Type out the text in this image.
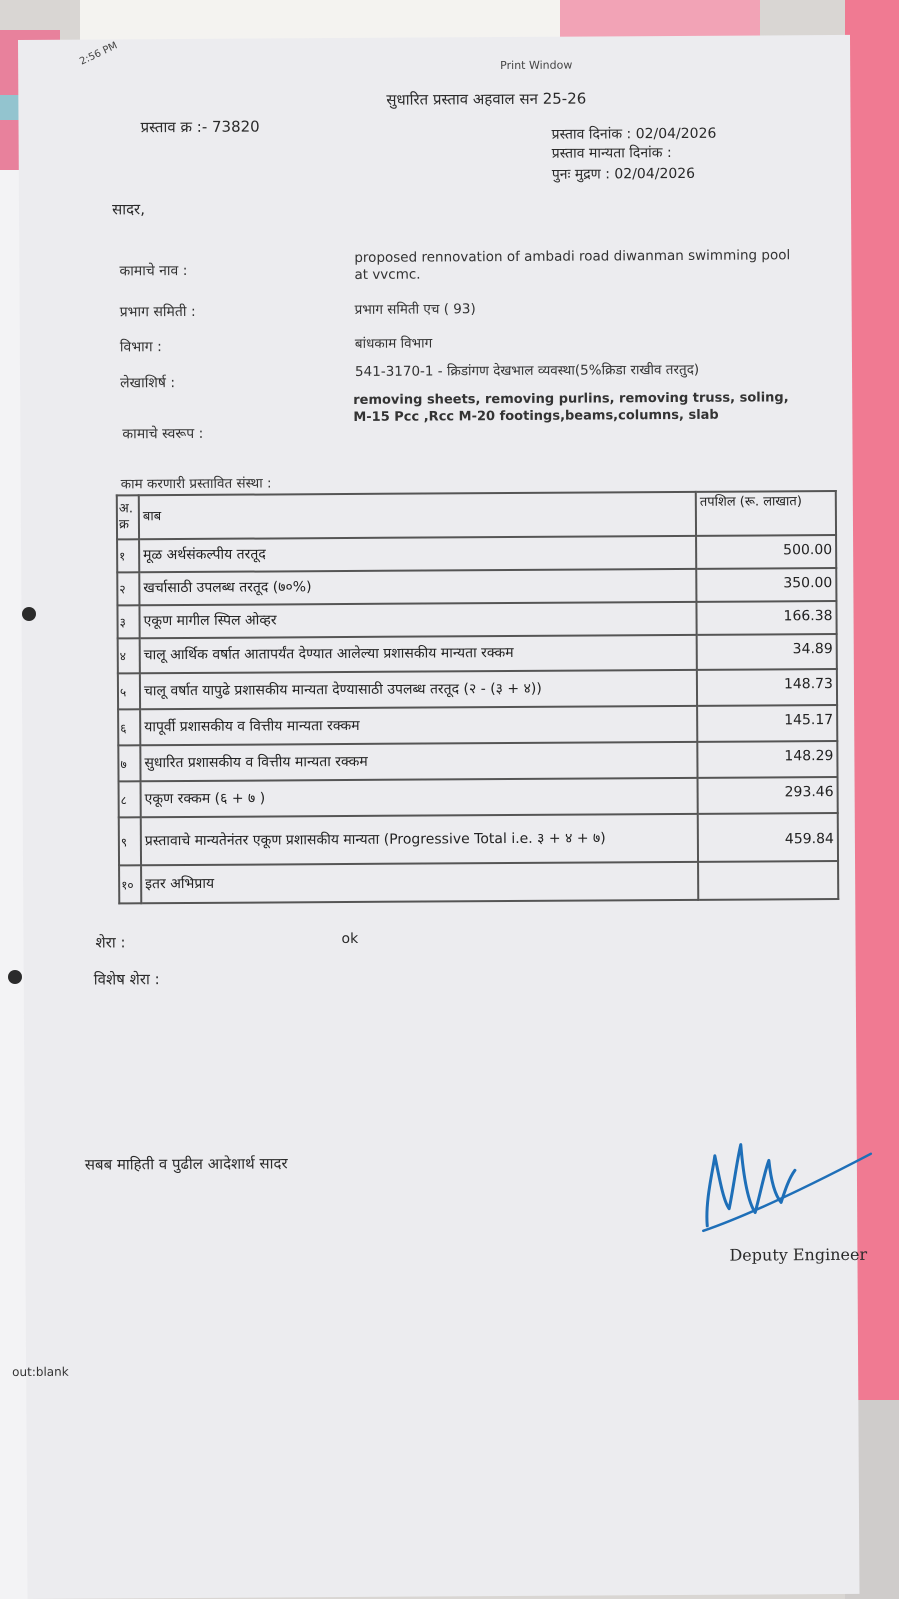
2:56 PM	Print Window
सुधारित प्रस्ताव अहवाल सन 25-26
प्रस्ताव क्र :- 73820	प्रस्ताव दिनांक : 02/04/2026
प्रस्ताव मान्यता दिनांक :
पुनः मुद्रण : 02/04/2026
सादर,
कामाचे नाव :
proposed rennovation of ambadi road diwanman swimming pool at vvcmc.
प्रभाग समिती :	प्रभाग समिती एच ( 93)
विभाग :	बांधकाम विभाग
लेखाशिर्ष :
541-3170-1 - क्रिडांगण देखभाल व्यवस्था(5%क्रिडा राखीव तरतुद)
कामाचे स्वरूप :
removing sheets, removing purlins, removing truss, soling, M-15 Pcc ,Rcc M-20 footings,beams,columns, slab
काम करणारी प्रस्तावित संस्था :
अ. क्र	बाब	तपशिल (रू. लाखात)
१	मूळ अर्थसंकल्पीय तरतूद	500.00
२	खर्चासाठी उपलब्ध तरतूद (७०%)	350.00
३	एकूण मागील स्पिल ओव्हर	166.38
४	चालू आर्थिक वर्षात आतापर्यंत देण्यात आलेल्या प्रशासकीय मान्यता रक्कम	34.89
५	चालू वर्षात यापुढे प्रशासकीय मान्यता देण्यासाठी उपलब्ध तरतूद (२ - (३ + ४))	148.73
६	यापूर्वी प्रशासकीय व वित्तीय मान्यता रक्कम	145.17
७	सुधारित प्रशासकीय व वित्तीय मान्यता रक्कम	148.29
८	एकूण रक्कम (६ + ७ )	293.46
९	प्रस्तावाचे मान्यतेनंतर एकूण प्रशासकीय मान्यता (Progressive Total i.e. ३ + ४ + ७)	459.84
१०	इतर अभिप्राय	
शेरा :	ok
विशेष शेरा :
सबब माहिती व पुढील आदेशार्थ सादर
Deputy Engineer
out:blank
